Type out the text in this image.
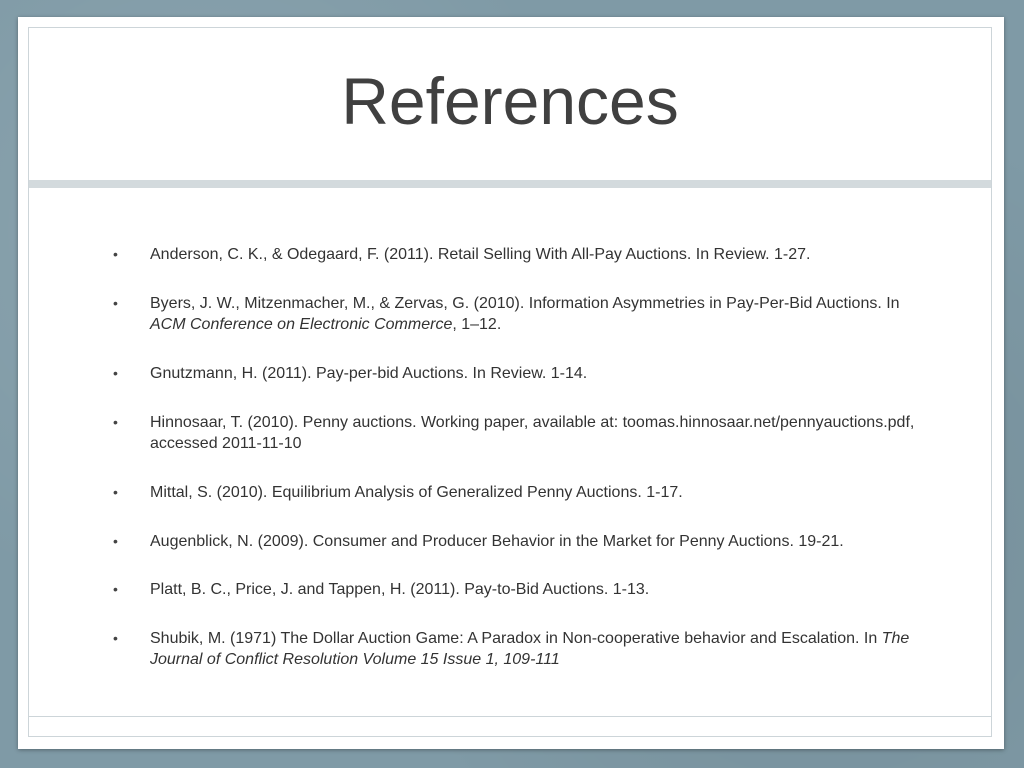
References
• Anderson, C. K., & Odegaard, F. (2011). Retail Selling With All-Pay Auctions. In Review. 1-27.
• Byers, J. W., Mitzenmacher, M., & Zervas, G. (2010). Information Asymmetries in Pay-Per-Bid Auctions. In ACM Conference on Electronic Commerce, 1–12.
• Gnutzmann, H. (2011). Pay-per-bid Auctions. In Review. 1-14.
• Hinnosaar, T. (2010). Penny auctions. Working paper, available at: toomas.hinnosaar.net/pennyauctions.pdf, accessed 2011-11-10
• Mittal, S. (2010). Equilibrium Analysis of Generalized Penny Auctions. 1-17.
• Augenblick, N. (2009). Consumer and Producer Behavior in the Market for Penny Auctions. 19-21.
• Platt, B. C., Price, J. and Tappen, H. (2011). Pay-to-Bid Auctions. 1-13.
• Shubik, M. (1971) The Dollar Auction Game: A Paradox in Non-cooperative behavior and Escalation. In The Journal of Conflict Resolution Volume 15 Issue 1, 109-111
